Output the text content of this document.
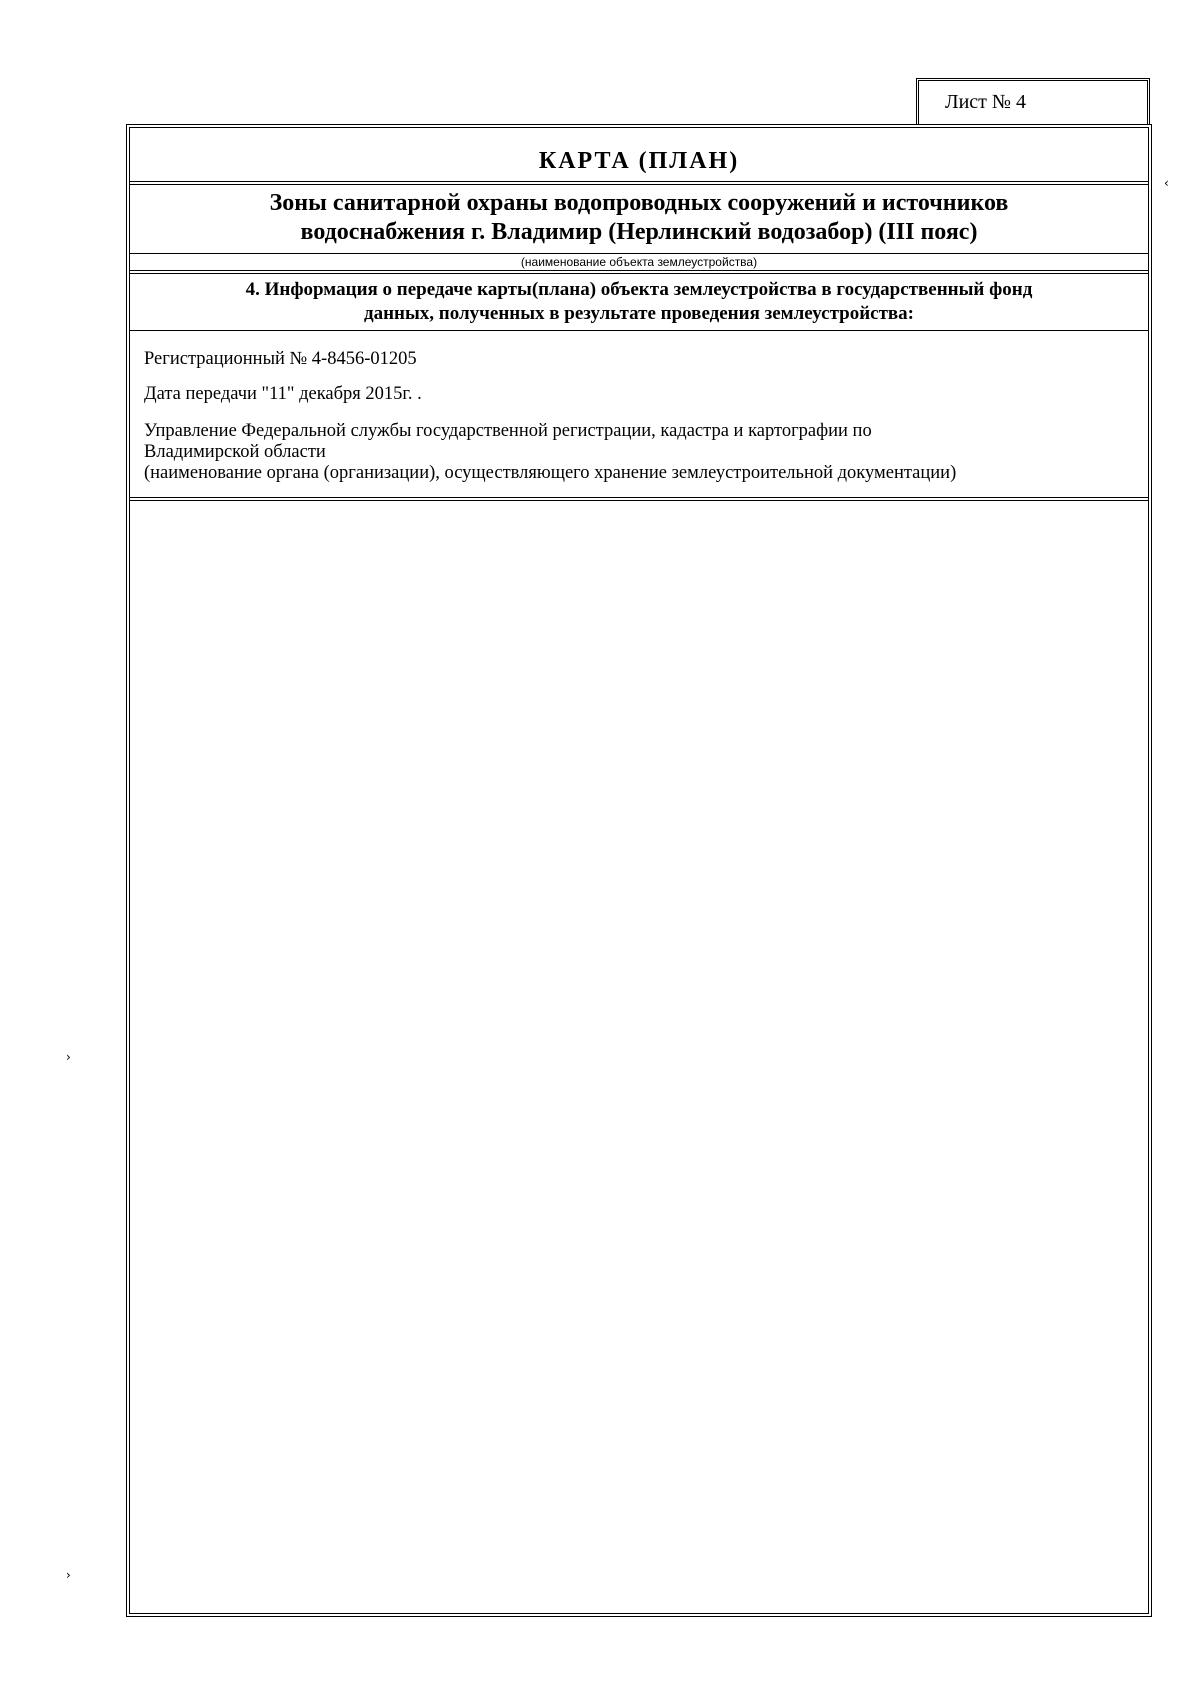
Лист № 4
КАРТА (ПЛАН)
Зоны санитарной охраны водопроводных сооружений и источников
водоснабжения г. Владимир (Нерлинский водозабор) (III пояс)
(наименование объекта землеустройства)
4. Информация о передаче карты(плана) объекта землеустройства в государственный фонд
данных, полученных в результате проведения землеустройства:

Регистрационный № 4-8456-01205

Дата передачи "11" декабря 2015г. .

Управление Федеральной службы государственной регистрации, кадастра и картографии по

Владимирской области

(наименование органа (организации), осуществляющего хранение землеустроительной документации)

›
›
‹
